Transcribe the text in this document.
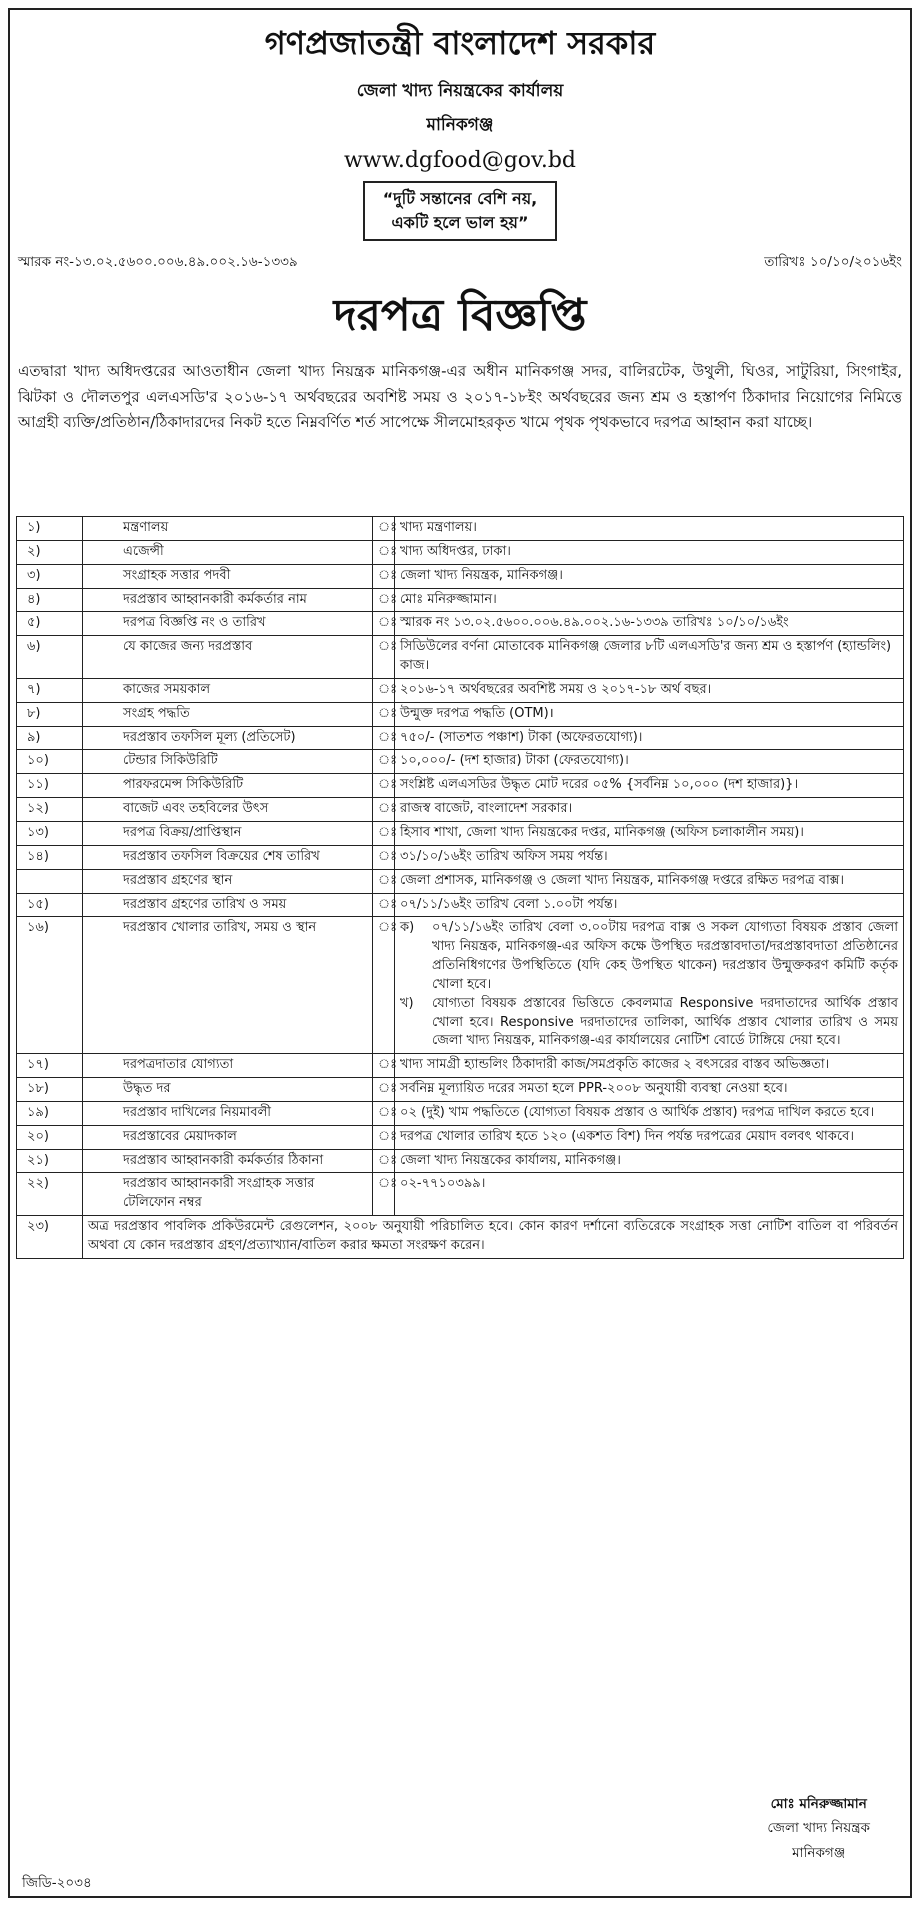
গণপ্রজাতন্ত্রী বাংলাদেশ সরকার
জেলা খাদ্য নিয়ন্ত্রকের কার্যালয়
মানিকগঞ্জ
www.dgfood@gov.bd
“দুটি সন্তানের বেশি নয়,
একটি হলে ভাল হয়”
স্মারক নং-১৩.০২.৫৬০০.০০৬.৪৯.০০২.১৬-১৩৩৯	তারিখঃ ১০/১০/২০১৬ইং
দরপত্র বিজ্ঞপ্তি
এতদ্বারা খাদ্য অধিদপ্তরের আওতাধীন জেলা খাদ্য নিয়ন্ত্রক মানিকগঞ্জ-এর অধীন মানিকগঞ্জ সদর, বালিরটেক, উথুলী, ঘিওর, সাটুরিয়া, সিংগাইর, ঝিটকা ও দৌলতপুর এলএসডি'র ২০১৬-১৭ অর্থবছরের অবশিষ্ট সময় ও ২০১৭-১৮ইং অর্থবছরের জন্য শ্রম ও হস্তার্পণ ঠিকাদার নিয়োগের নিমিত্তে আগ্রহী ব্যক্তি/প্রতিষ্ঠান/ঠিকাদারদের নিকট হতে নিম্নবর্ণিত শর্ত সাপেক্ষে সীলমোহরকৃত খামে পৃথক পৃথকভাবে দরপত্র আহ্বান করা যাচ্ছে।
১)	মন্ত্রণালয়	ঃ	খাদ্য মন্ত্রণালয়।
২)	এজেন্সী	ঃ	খাদ্য অধিদপ্তর, ঢাকা।
৩)	সংগ্রাহক সত্তার পদবী	ঃ	জেলা খাদ্য নিয়ন্ত্রক, মানিকগঞ্জ।
৪)	দরপ্রস্তাব আহ্বানকারী কর্মকর্তার নাম	ঃ	মোঃ মনিরুজ্জামান।
৫)	দরপত্র বিজ্ঞপ্তি নং ও তারিখ	ঃ	স্মারক নং ১৩.০২.৫৬০০.০০৬.৪৯.০০২.১৬-১৩৩৯ তারিখঃ ১০/১০/১৬ইং
৬)	যে কাজের জন্য দরপ্রস্তাব	ঃ	সিডিউলের বর্ণনা মোতাবেক মানিকগঞ্জ জেলার ৮টি এলএসডি'র জন্য শ্রম ও হস্তার্পণ (হ্যান্ডলিং) কাজ।
৭)	কাজের সময়কাল	ঃ	২০১৬-১৭ অর্থবছরের অবশিষ্ট সময় ও ২০১৭-১৮ অর্থ বছর।
৮)	সংগ্রহ পদ্ধতি	ঃ	উন্মুক্ত দরপত্র পদ্ধতি (OTM)।
৯)	দরপ্রস্তাব তফসিল মূল্য (প্রতিসেট)	ঃ	৭৫০/- (সাতশত পঞ্চাশ) টাকা (অফেরতযোগ্য)।
১০)	টেন্ডার সিকিউরিটি	ঃ	১০,০০০/- (দশ হাজার) টাকা (ফেরতযোগ্য)।
১১)	পারফরমেন্স সিকিউরিটি	ঃ	সংশ্লিষ্ট এলএসডির উদ্ধৃত মোট দরের ০৫% {সর্বনিম্ন ১০,০০০ (দশ হাজার)}।
১২)	বাজেট এবং তহবিলের উৎস	ঃ	রাজস্ব বাজেট, বাংলাদেশ সরকার।
১৩)	দরপত্র বিক্রয়/প্রাপ্তিস্থান	ঃ	হিসাব শাখা, জেলা খাদ্য নিয়ন্ত্রকের দপ্তর, মানিকগঞ্জ (অফিস চলাকালীন সময়)।
১৪)	দরপ্রস্তাব তফসিল বিক্রয়ের শেষ তারিখ	ঃ	৩১/১০/১৬ইং তারিখ অফিস সময় পর্যন্ত।
	দরপ্রস্তাব গ্রহণের স্থান	ঃ	জেলা প্রশাসক, মানিকগঞ্জ ও জেলা খাদ্য নিয়ন্ত্রক, মানিকগঞ্জ দপ্তরে রক্ষিত দরপত্র বাক্স।
১৫)	দরপ্রস্তাব গ্রহণের তারিখ ও সময়	ঃ	০৭/১১/১৬ইং তারিখ বেলা ১.০০টা পর্যন্ত।
১৬)	দরপ্রস্তাব খোলার তারিখ, সময় ও স্থান	ঃ	ক) ০৭/১১/১৬ইং তারিখ বেলা ৩.০০টায় দরপত্র বাক্স ও সকল যোগ্যতা বিষয়ক প্রস্তাব জেলা খাদ্য নিয়ন্ত্রক, মানিকগঞ্জ-এর অফিস কক্ষে উপস্থিত দরপ্রস্তাবদাতা/দরপ্রস্তাবদাতা প্রতিষ্ঠানের প্রতিনিধিগণের উপস্থিতিতে (যদি কেহ উপস্থিত থাকেন) দরপ্রস্তাব উন্মুক্তকরণ কমিটি কর্তৃক খোলা হবে।
খ) যোগ্যতা বিষয়ক প্রস্তাবের ভিত্তিতে কেবলমাত্র Responsive দরদাতাদের আর্থিক প্রস্তাব খোলা হবে। Responsive দরদাতাদের তালিকা, আর্থিক প্রস্তাব খোলার তারিখ ও সময় জেলা খাদ্য নিয়ন্ত্রক, মানিকগঞ্জ-এর কার্যালয়ের নোটিশ বোর্ডে টাঙ্গিয়ে দেয়া হবে।

১৭)	দরপত্রদাতার যোগ্যতা	ঃ	খাদ্য সামগ্রী হ্যান্ডলিং ঠিকাদারী কাজ/সমপ্রকৃতি কাজের ২ বৎসরের বাস্তব অভিজ্ঞতা।
১৮)	উদ্ধৃত দর	ঃ	সর্বনিম্ন মূল্যায়িত দরের সমতা হলে PPR-২০০৮ অনুযায়ী ব্যবস্থা নেওয়া হবে।
১৯)	দরপ্রস্তাব দাখিলের নিয়মাবলী	ঃ	০২ (দুই) খাম পদ্ধতিতে (যোগ্যতা বিষয়ক প্রস্তাব ও আর্থিক প্রস্তাব) দরপত্র দাখিল করতে হবে।
২০)	দরপ্রস্তাবের মেয়াদকাল	ঃ	দরপত্র খোলার তারিখ হতে ১২০ (একশত বিশ) দিন পর্যন্ত দরপত্রের মেয়াদ বলবৎ থাকবে।
২১)	দরপ্রস্তাব আহ্বানকারী কর্মকর্তার ঠিকানা	ঃ	জেলা খাদ্য নিয়ন্ত্রকের কার্যালয়, মানিকগঞ্জ।
২২)	দরপ্রস্তাব আহ্বানকারী সংগ্রাহক সত্তার টেলিফোন নম্বর	ঃ	০২-৭৭১০৩৯৯।
২৩)	অত্র দরপ্রস্তাব পাবলিক প্রকিউরমেন্ট রেগুলেশন, ২০০৮ অনুযায়ী পরিচালিত হবে। কোন কারণ দর্শানো ব্যতিরেকে সংগ্রাহক সত্তা নোটিশ বাতিল বা পরিবর্তন অথবা যে কোন দরপ্রস্তাব গ্রহণ/প্রত্যাখ্যান/বাতিল করার ক্ষমতা সংরক্ষণ করেন।		
মোঃ মনিরুজ্জামান
জেলা খাদ্য নিয়ন্ত্রক
মানিকগঞ্জ
জিডি-২০৩৪
